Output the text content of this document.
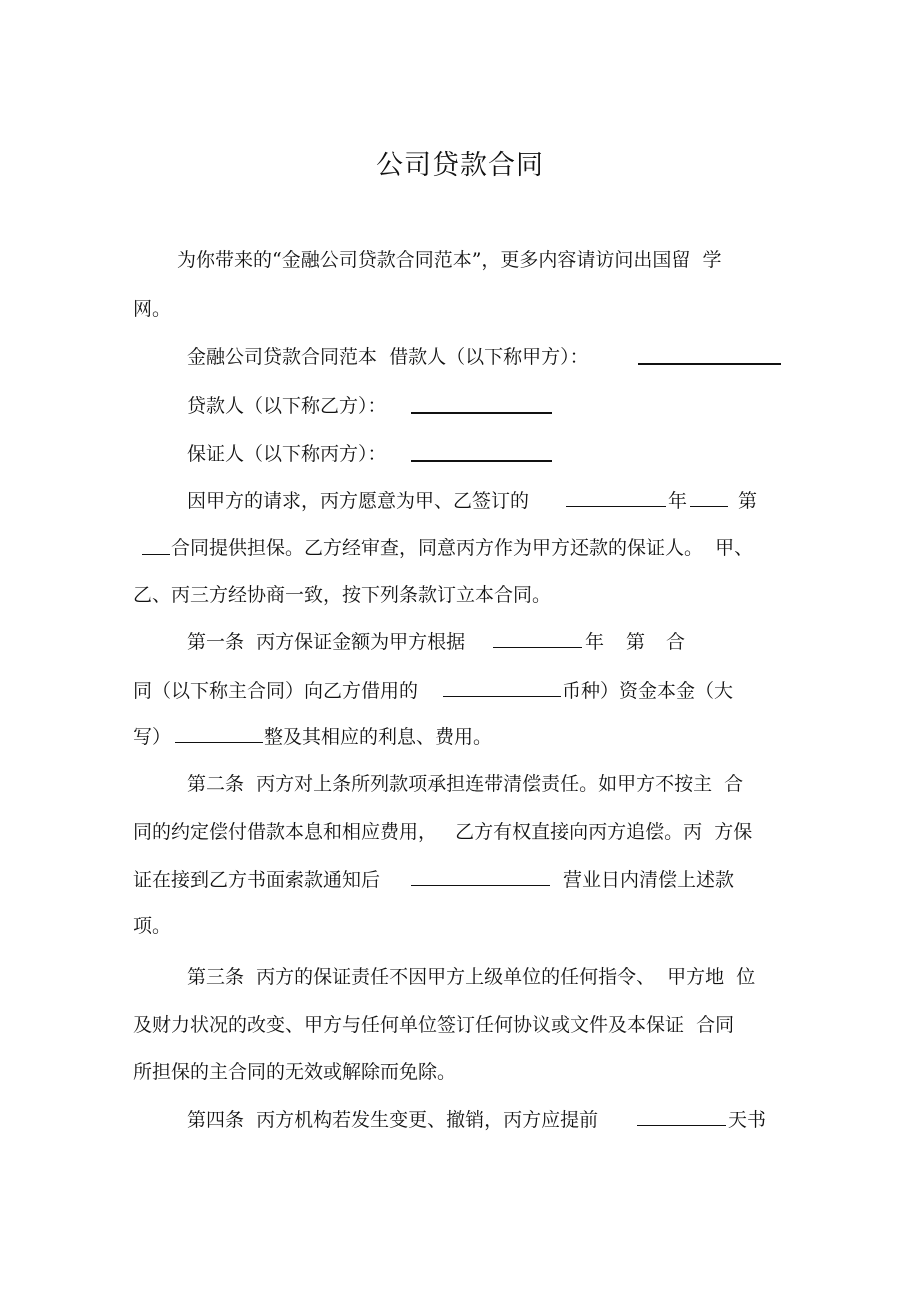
公司贷款合同
为你带来的“金融公司贷款合同范本”，更多内容请访问出国留  学
网。
金融公司贷款合同范本  借款人（以下称甲方）：
贷款人（以下称乙方）：
保证人（以下称丙方）：
因甲方的请求，丙方愿意为甲、乙签订的	年	第
合同提供担保。乙方经审查，同意丙方作为甲方还款的保证人。  甲、
乙、丙三方经协商一致，按下列条款订立本合同。
第一条  丙方保证金额为甲方根据	年 第 合
同（以下称主合同）向乙方借用的	币种）资金本金（大
写）	整及其相应的利息、费用。
第二条  丙方对上条所列款项承担连带清偿责任。如甲方不按主  合
同的约定偿付借款本息和相应费用，   乙方有权直接向丙方追偿。丙  方保
证在接到乙方书面索款通知后	营业日内清偿上述款
项。
第三条  丙方的保证责任不因甲方上级单位的任何指令、  甲方地  位
及财力状况的改变、甲方与任何单位签订任何协议或文件及本保证  合同
所担保的主合同的无效或解除而免除。
第四条  丙方机构若发生变更、撤销，丙方应提前	天书
